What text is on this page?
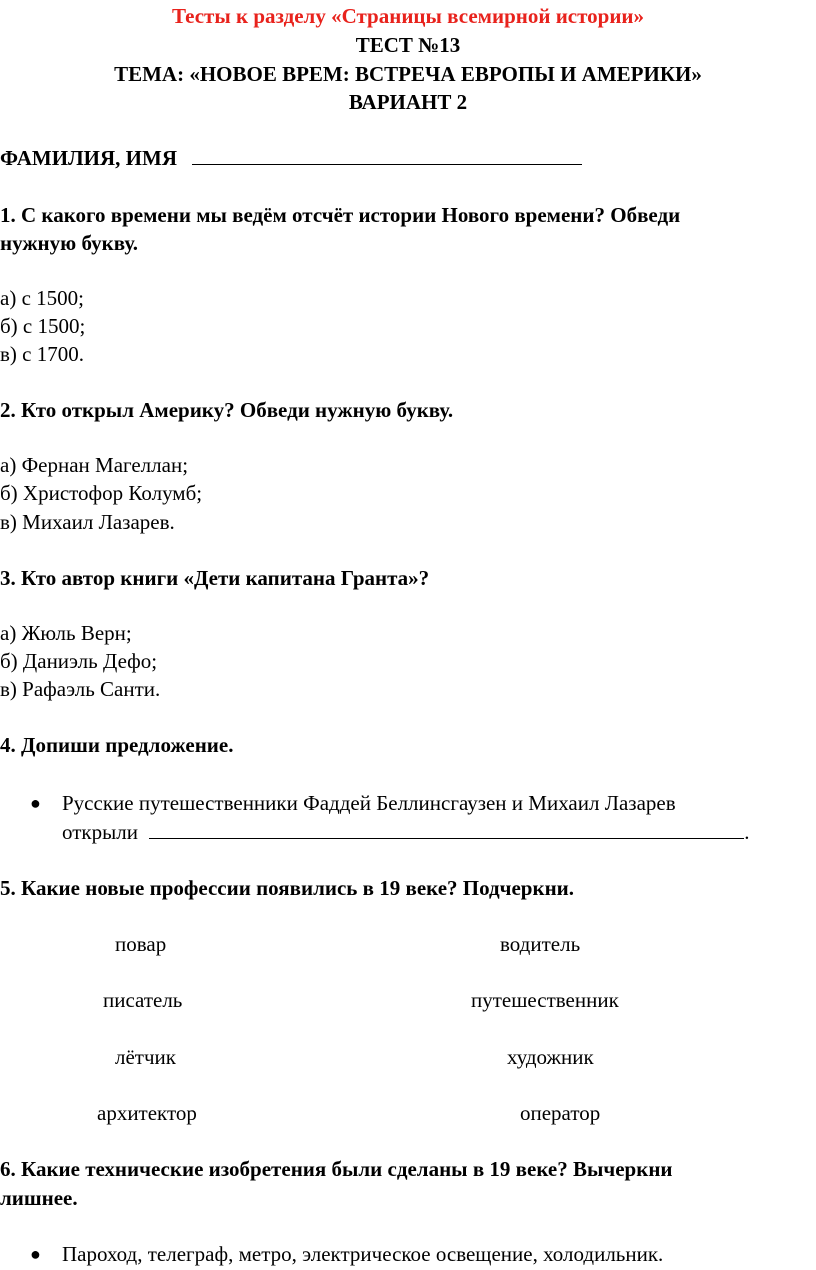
Тесты к разделу «Страницы всемирной истории»
ТЕСТ №13
ТЕМА: «НОВОЕ ВРЕМ: ВСТРЕЧА ЕВРОПЫ И АМЕРИКИ»
ВАРИАНТ 2
ФАМИЛИЯ, ИМЯ
1. С какого времени мы ведём отсчёт истории Нового времени? Обведи
нужную букву.
а) с 1500;
б) с 1500;
в) с 1700.
2. Кто открыл Америку? Обведи нужную букву.
а) Фернан Магеллан;
б) Христофор Колумб;
в) Михаил Лазарев.
3. Кто автор книги «Дети капитана Гранта»?
а) Жюль Верн;
б) Даниэль Дефо;
в) Рафаэль Санти.
4. Допиши предложение.
● Русские путешественники Фаддей Беллинсгаузен и Михаил Лазарев
открыли	.
5. Какие новые профессии появились в 19 веке? Подчеркни.
повар
писатель
лётчик
архитектор
водитель
путешественник
художник
оператор
6. Какие технические изобретения были сделаны в 19 веке? Вычеркни
лишнее.
● Пароход, телеграф, метро, электрическое освещение, холодильник.
